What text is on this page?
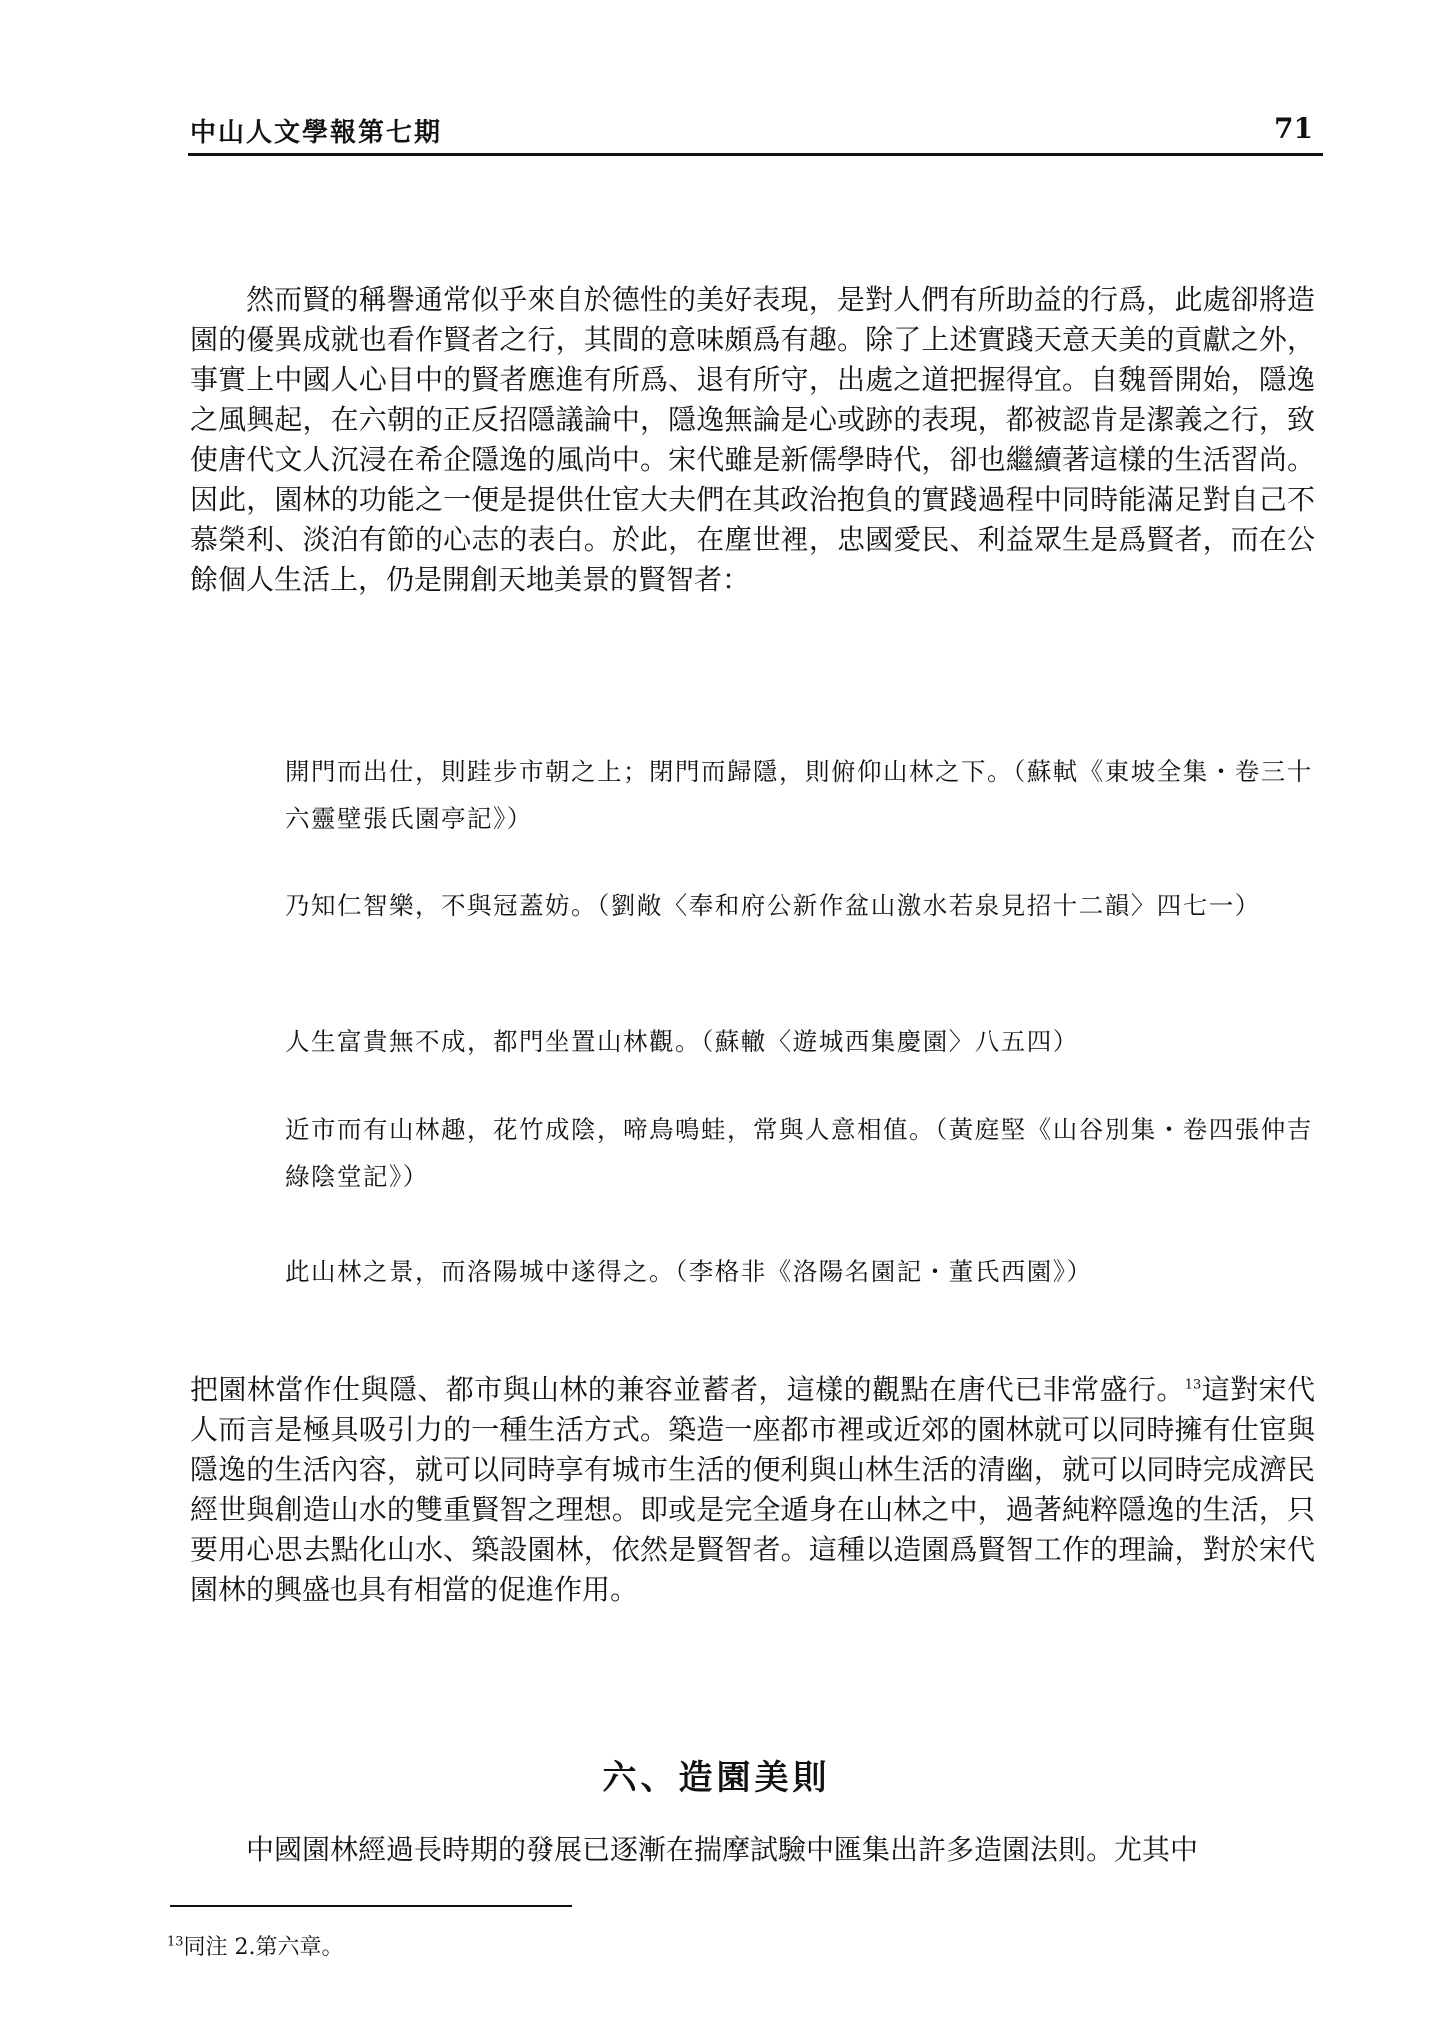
中山人文學報第七期	71

然而賢的稱譽通常似乎來自於德性的美好表現，是對人們有所助益的行爲，此處卻將造園的優異成就也看作賢者之行，其間的意味頗爲有趣。除了上述實踐天意天美的貢獻之外，事實上中國人心目中的賢者應進有所爲、退有所守，出處之道把握得宜。自魏晉開始，隱逸之風興起，在六朝的正反招隱議論中，隱逸無論是心或跡的表現，都被認肯是潔義之行，致使唐代文人沉浸在希企隱逸的風尚中。宋代雖是新儒學時代，卻也繼續著這樣的生活習尚。因此，園林的功能之一便是提供仕宦大夫們在其政治抱負的實踐過程中同時能滿足對自己不慕榮利、淡泊有節的心志的表白。於此，在塵世裡，忠國愛民、利益眾生是爲賢者，而在公餘個人生活上，仍是開創天地美景的賢智者：

開門而出仕，則跬步市朝之上；閉門而歸隱，則俯仰山林之下。（蘇軾《東坡全集・卷三十六靈壁張氏園亭記》）
乃知仁智樂，不與冠蓋妨。（劉敞〈奉和府公新作盆山激水若泉見招十二韻〉四七一）
人生富貴無不成，都門坐置山林觀。（蘇轍〈遊城西集慶園〉八五四）
近市而有山林趣，花竹成陰，啼鳥鳴蛙，常與人意相值。（黃庭堅《山谷別集・卷四張仲吉綠陰堂記》）
此山林之景，而洛陽城中遂得之。（李格非《洛陽名園記・董氏西園》）

把園林當作仕與隱、都市與山林的兼容並蓄者，這樣的觀點在唐代已非常盛行。$^{13}$這對宋代人而言是極具吸引力的一種生活方式。築造一座都市裡或近郊的園林就可以同時擁有仕宦與隱逸的生活內容，就可以同時享有城市生活的便利與山林生活的清幽，就可以同時完成濟民經世與創造山水的雙重賢智之理想。即或是完全遁身在山林之中，過著純粹隱逸的生活，只要用心思去點化山水、築設園林，依然是賢智者。這種以造園爲賢智工作的理論，對於宋代園林的興盛也具有相當的促進作用。

六、造園美則

中國園林經過長時期的發展已逐漸在揣摩試驗中匯集出許多造園法則。尤其中

$^{13}$同注 2.第六章。
